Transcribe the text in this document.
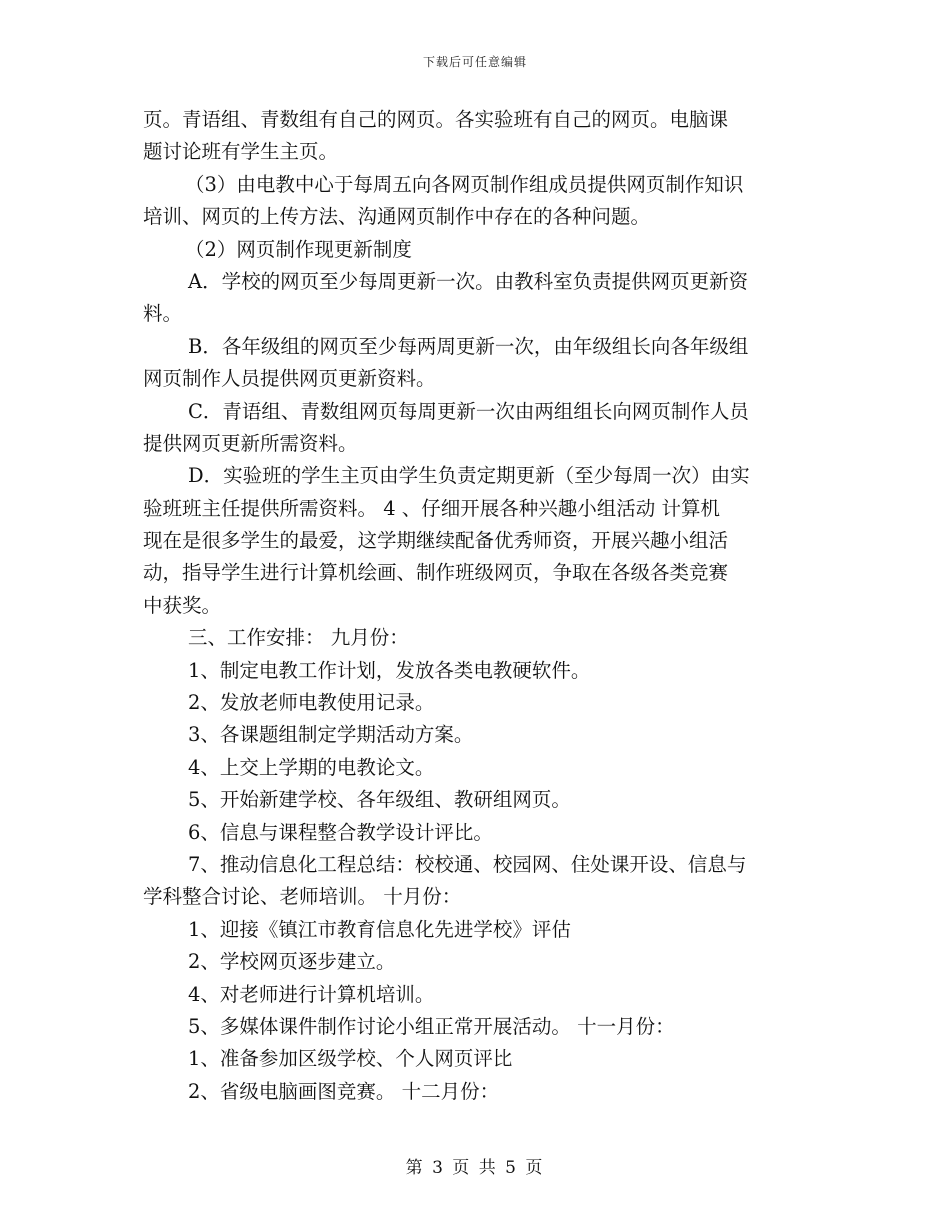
下载后可任意编辑
页。青语组、青数组有自己的网页。各实验班有自己的网页。电脑课
题讨论班有学生主页。
（3）由电教中心于每周五向各网页制作组成员提供网页制作知识
培训、网页的上传方法、沟通网页制作中存在的各种问题。
（2）网页制作现更新制度
A．学校的网页至少每周更新一次。由教科室负责提供网页更新资
料。
B．各年级组的网页至少每两周更新一次，由年级组长向各年级组
网页制作人员提供网页更新资料。
C．青语组、青数组网页每周更新一次由两组组长向网页制作人员
提供网页更新所需资料。
D．实验班的学生主页由学生负责定期更新（至少每周一次）由实
验班班主任提供所需资料。 4 、仔细开展各种兴趣小组活动 计算机
现在是很多学生的最爱，这学期继续配备优秀师资，开展兴趣小组活
动，指导学生进行计算机绘画、制作班级网页，争取在各级各类竞赛
中获奖。
三、工作安排： 九月份：
1、制定电教工作计划，发放各类电教硬软件。
2、发放老师电教使用记录。
3、各课题组制定学期活动方案。
4、上交上学期的电教论文。
5、开始新建学校、各年级组、教研组网页。
6、信息与课程整合教学设计评比。
7、推动信息化工程总结：校校通、校园网、住处课开设、信息与
学科整合讨论、老师培训。 十月份：
1、迎接《镇江市教育信息化先进学校》评估
2、学校网页逐步建立。
4、对老师进行计算机培训。
5、多媒体课件制作讨论小组正常开展活动。 十一月份：
1、准备参加区级学校、个人网页评比
2、省级电脑画图竞赛。 十二月份：
第 3 页 共 5 页
